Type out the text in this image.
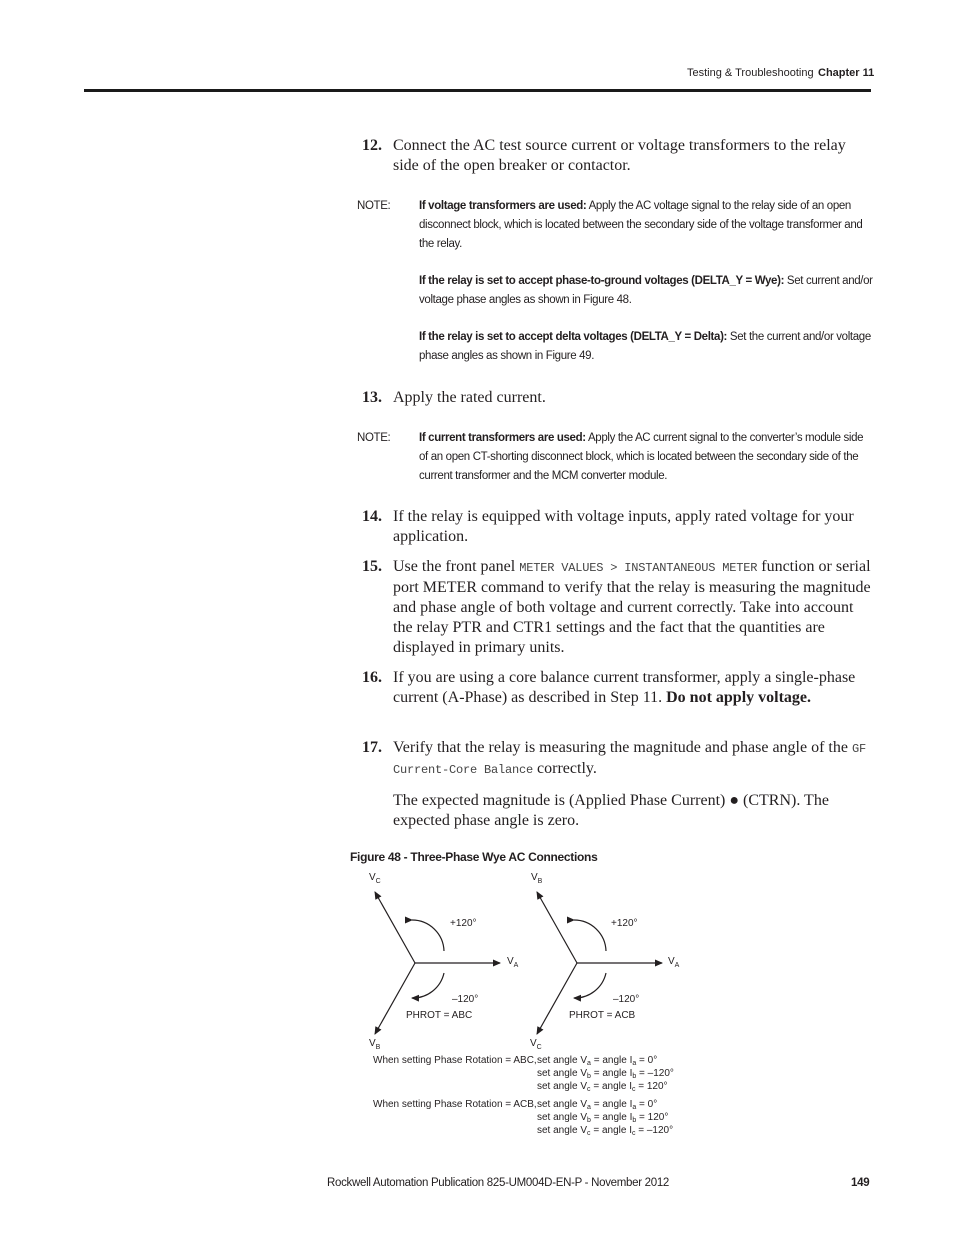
Testing & Troubleshooting Chapter 11
12. Connect the AC test source current or voltage transformers to the relay side of the open breaker or contactor.
NOTE: If voltage transformers are used: Apply the AC voltage signal to the relay side of an open disconnect block, which is located between the secondary side of the voltage transformer and the relay.
If the relay is set to accept phase-to-ground voltages (DELTA_Y = Wye): Set current and/or voltage phase angles as shown in Figure 48.
If the relay is set to accept delta voltages (DELTA_Y = Delta): Set the current and/or voltage phase angles as shown in Figure 49.
13. Apply the rated current.
NOTE: If current transformers are used: Apply the AC current signal to the converter’s module side of an open CT-shorting disconnect block, which is located between the secondary side of the current transformer and the MCM converter module.
14. If the relay is equipped with voltage inputs, apply rated voltage for your application.
15. Use the front panel METER VALUES > INSTANTANEOUS METER function or serial port METER command to verify that the relay is measuring the magnitude and phase angle of both voltage and current correctly. Take into account the relay PTR and CTR1 settings and the fact that the quantities are displayed in primary units.
16. If you are using a core balance current transformer, apply a single-phase current (A-Phase) as described in Step 11. Do not apply voltage.
17. Verify that the relay is measuring the magnitude and phase angle of the GF Current-Core Balance correctly.
The expected magnitude is (Applied Phase Current) ● (CTRN). The expected phase angle is zero.
Figure 48 - Three-Phase Wye AC Connections
$V_C$
$V_A$
$V_B$
+120°
–120°
PHROT = ABC
$V_B$
$V_A$
$V_C$
+120°
–120°
PHROT = ACB
When setting Phase Rotation = ABC, set angle $V_a$ = angle $I_a = 0^\circ$
set angle $V_b$ = angle $I_b = -120^\circ$
set angle $V_c$ = angle $I_c = 120^\circ$
When setting Phase Rotation = ACB, set angle $V_a$ = angle $I_a = 0^\circ$
set angle $V_b$ = angle $I_b = 120^\circ$
set angle $V_c$ = angle $I_c = -120^\circ$
Rockwell Automation Publication 825-UM004D-EN-P - November 2012	149
